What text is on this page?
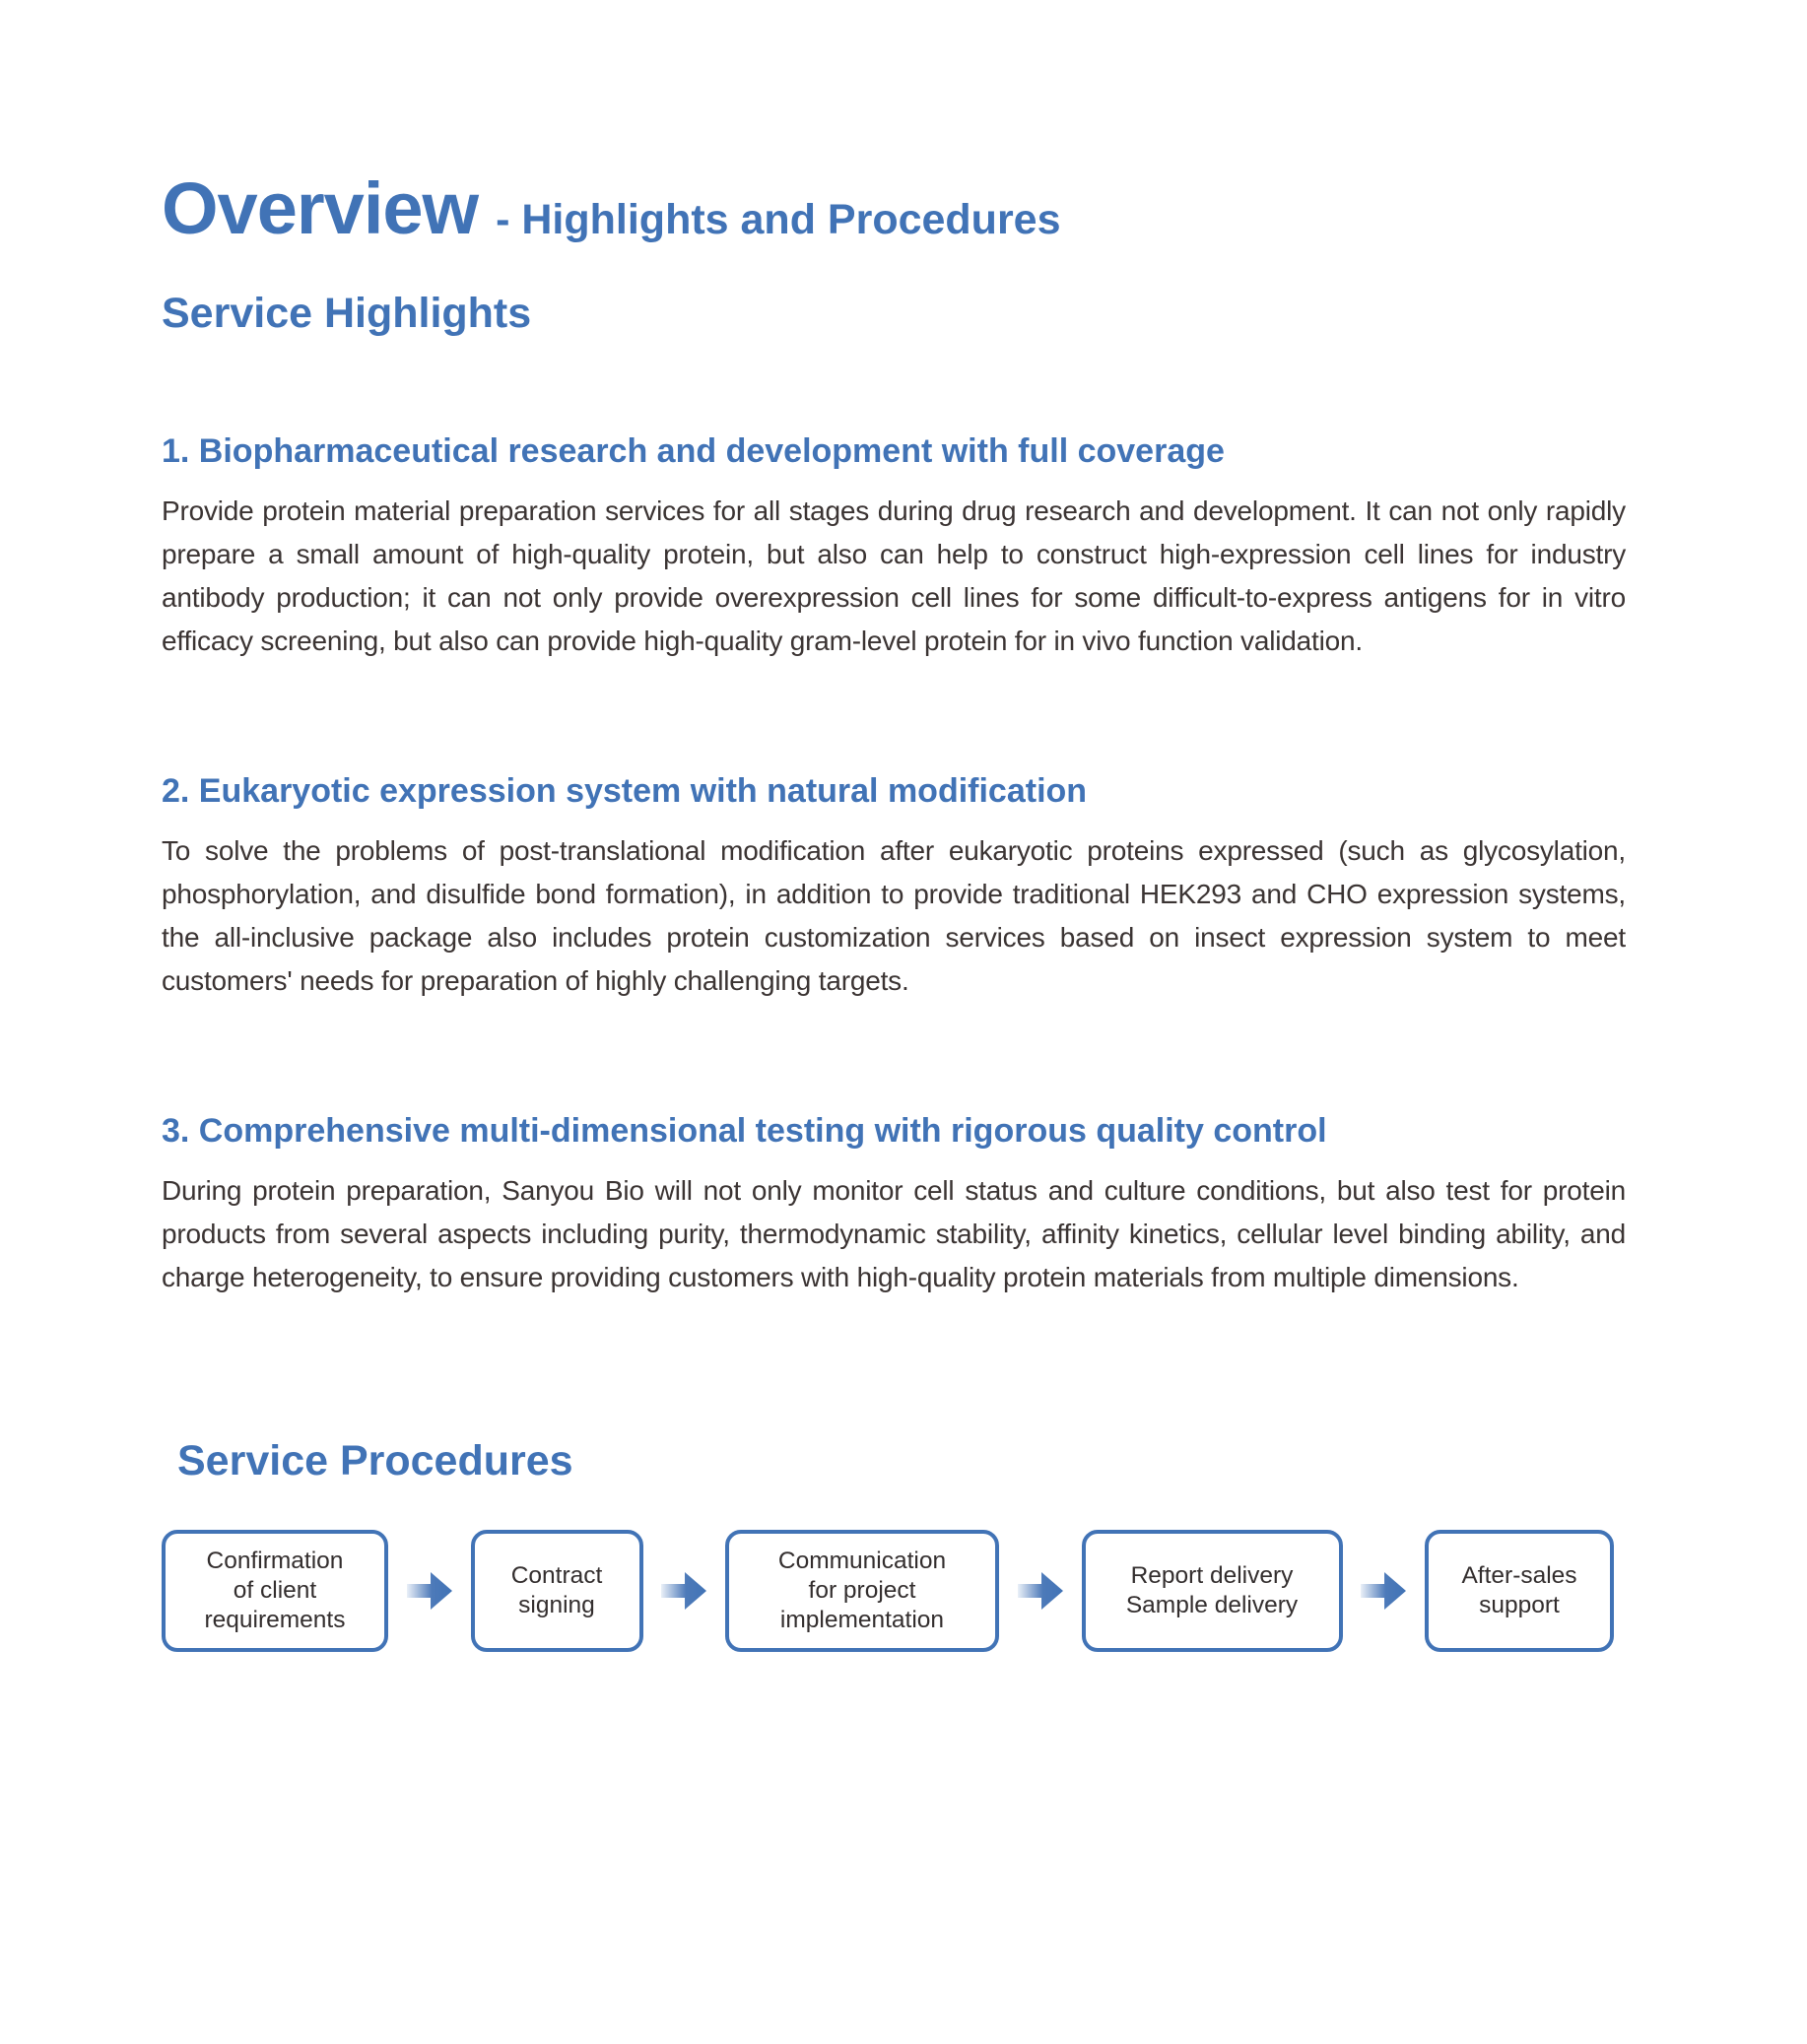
Overview - Highlights and Procedures
Service Highlights
1. Biopharmaceutical research and development with full coverage

Provide protein material preparation services for all stages during drug research and development. It can not only rapidly prepare a small amount of high-quality protein, but also can help to construct high-expression cell lines for industry antibody production; it can not only provide overexpression cell lines for some difficult-to-express antigens for in vitro efficacy screening, but also can provide high-quality gram-level protein for in vivo function validation.

2. Eukaryotic expression system with natural modification

To solve the problems of post-translational modification after eukaryotic proteins expressed (such as glycosylation, phosphorylation, and disulfide bond formation), in addition to provide traditional HEK293 and CHO expression systems, the all-inclusive package also includes protein customization services based on insect expression system to meet customers' needs for preparation of highly challenging targets.

3. Comprehensive multi-dimensional testing with rigorous quality control

During protein preparation, Sanyou Bio will not only monitor cell status and culture conditions, but also test for protein products from several aspects including purity, thermodynamic stability, affinity kinetics, cellular level binding ability, and charge heterogeneity, to ensure providing customers with high-quality protein materials from multiple dimensions.

Service Procedures
Confirmation
of client
requirements
Contract
signing
Communication
for project
implementation
Report delivery
Sample delivery
After-sales
support
